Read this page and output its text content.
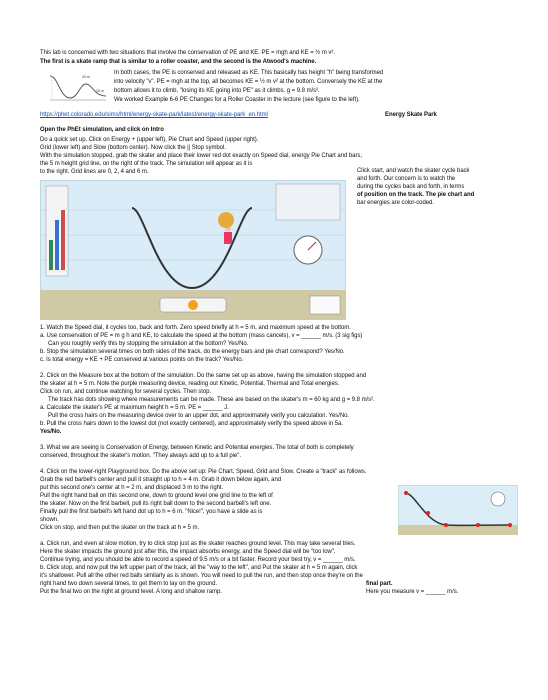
This lab is concerned with two situations that involve the conservation of PE and KE. PE = mgh and KE = ½ m v².
The first is a skate ramp that is similar to a roller coaster, and the second is the Atwood's machine.
40 m
15 m
In both cases, the PE is conserved and released as KE. This basically has height "h" being transformed
into velocity "v". PE = mgh at the top, all becomes KE = ½ m v² at the bottom. Conversely the KE at the
bottom allows it to climb, "losing its KE going into PE" as it climbs. g = 9.8 m/s².
We worked Example 6-6 PE Changes for a Roller Coaster in the lecture (see figure to the left).
https://phet.colorado.edu/sims/html/energy-skate-park/latest/energy-skate-park_en.html	Energy Skate Park
Open the PhEt simulation, and click on Intro
Do a quick set up. Click on Energy + (upper left), Pie Chart and Speed (upper right).
Grid (lower left) and Slow (bottom center). Now click the || Stop symbol.
With the simulation stopped, grab the skater and place their lower red dot exactly on Speed dial, energy Pie Chart and bars,
the 5 m height grid line, on the right of the track. The simulation will appear as it is
to the right. Grid lines are 0, 2, 4 and 6 m.	Click start, and watch the skater cycle back
and forth. Our concern is to watch the
during the cycles back and forth, in terms
of position on the track. The pie chart and
bar energies are color-coded.
1. Watch the Speed dial, it cycles too, back and forth. Zero speed briefly at h = 5 m, and maximum speed at the bottom.
a. Use conservation of PE = m g h and KE, to calculate the speed at the bottom (mass cancels), v = ______ m/s. (3 sig figs)
Can you roughly verify this by stopping the simulation at the bottom? Yes/No.
b. Stop the simulation several times on both sides of the track, do the energy bars and pie chart correspond? Yes/No.
c. Is total energy = KE + PE conserved at various points on the track? Yes/No.
2. Click on the Measure box at the bottom of the simulation. Do the same set up as above, having the simulation stopped and
the skater at h = 5 m. Note the purple measuring device, reading out Kinetic, Potential, Thermal and Total energies.
Click on run, and continue watching for several cycles. Then stop.
The track has dots showing where measurements can be made. These are based on the skater's m = 60 kg and g = 9.8 m/s².
a. Calculate the skater's PE at maximum height h = 5 m. PE = ______ J.
Pull the cross hairs on the measuring device over to an upper dot, and approximately verify you calculation. Yes/No.
b. Pull the cross hairs down to the lowest dot (not exactly centered), and approximately verify the speed above in 5a.
Yes/No.
3. What we are seeing is Conservation of Energy, between Kinetic and Potential energies. The total of both is completely
conserved, throughout the skater's motion. "They always add up to a full pie".
4. Click on the lower-right Playground box. Do the above set up: Pie Chart, Speed, Grid and Slow. Create a "track" as follows.
Grab the red barbell's center and pull it straight up to h = 4 m. Grab it down below again, and
put this second one's center at h = 2 m, and displaced 3 m to the right.
Pull the right hand ball on this second one, down to ground level one grid line to the left of
the skater. Now on the first barbell, pull its right ball down to the second barbell's left one.
Finally pull the first barbell's left hand dot up to h = 6 m. "Nice!", you have a slide as is
shown.
Click on stop, and then put the skater on the track at h = 5 m.
a. Click run, and even at slow motion, try to click stop just as the skater reaches ground level. This may take several tries.
Here the skater impacts the ground just after this, the impact absorbs energy, and the Speed dial will be "too low".
Continue trying, and you should be able to record a speed of 9.5 m/s or a bit faster. Record your best try, v = ______ m/s.
b. Click stop, and now pull the left upper part of the track, all the "way to the left", and Put the skater at h = 5 m again, click
it's shallower. Pull all the other red balls similarly as is shown. You will need to pull the run, and then stop once they're on the
right hand two down several times, to get them to lay on the ground.	final part.
Put the final two on the right at ground level. A long and shallow ramp.	Here you measure v = ______ m/s.
